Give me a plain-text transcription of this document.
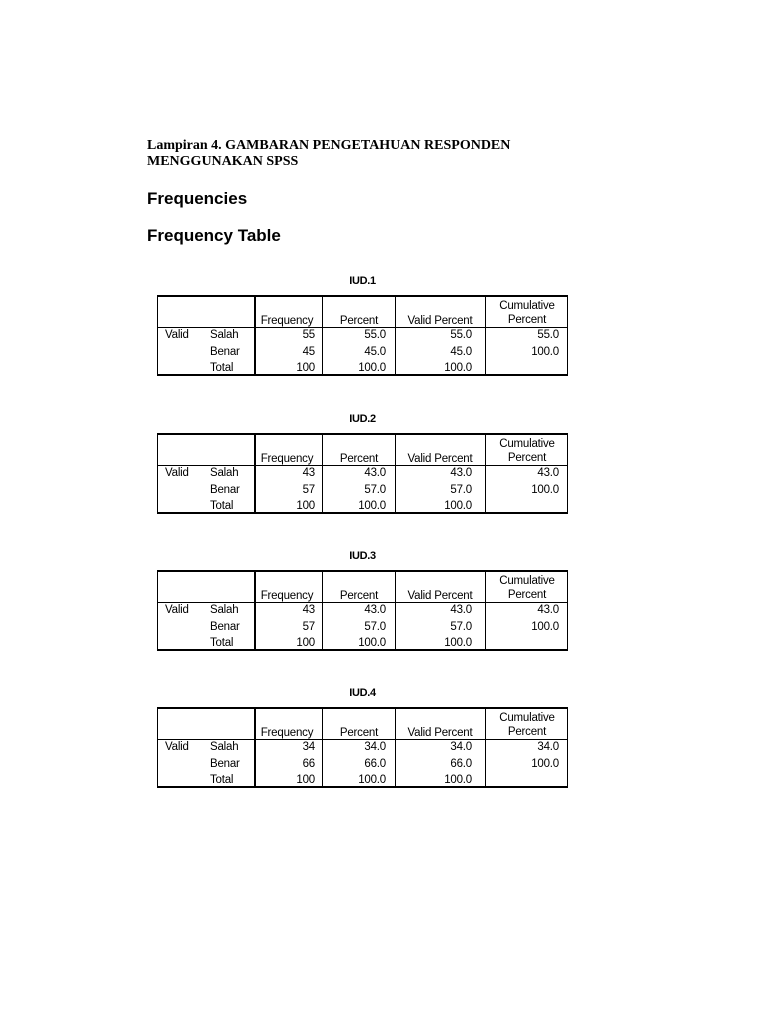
Lampiran 4. GAMBARAN PENGETAHUAN RESPONDEN
MENGGUNAKAN SPSS
Frequencies
Frequency Table
IUD.1
Frequency	Percent	Valid Percent
Cumulative
Percent
Valid Salah	55	55.0	55.0	55.0
Benar	45	45.0	45.0	100.0
Total	100	100.0	100.0
IUD.2
Frequency	Percent	Valid Percent
Cumulative
Percent
Valid Salah	43	43.0	43.0	43.0
Benar	57	57.0	57.0	100.0
Total	100	100.0	100.0
IUD.3
Frequency	Percent	Valid Percent
Cumulative
Percent
Valid Salah	43	43.0	43.0	43.0
Benar	57	57.0	57.0	100.0
Total	100	100.0	100.0
IUD.4
Frequency	Percent	Valid Percent
Cumulative
Percent
Valid Salah	34	34.0	34.0	34.0
Benar	66	66.0	66.0	100.0
Total	100	100.0	100.0
